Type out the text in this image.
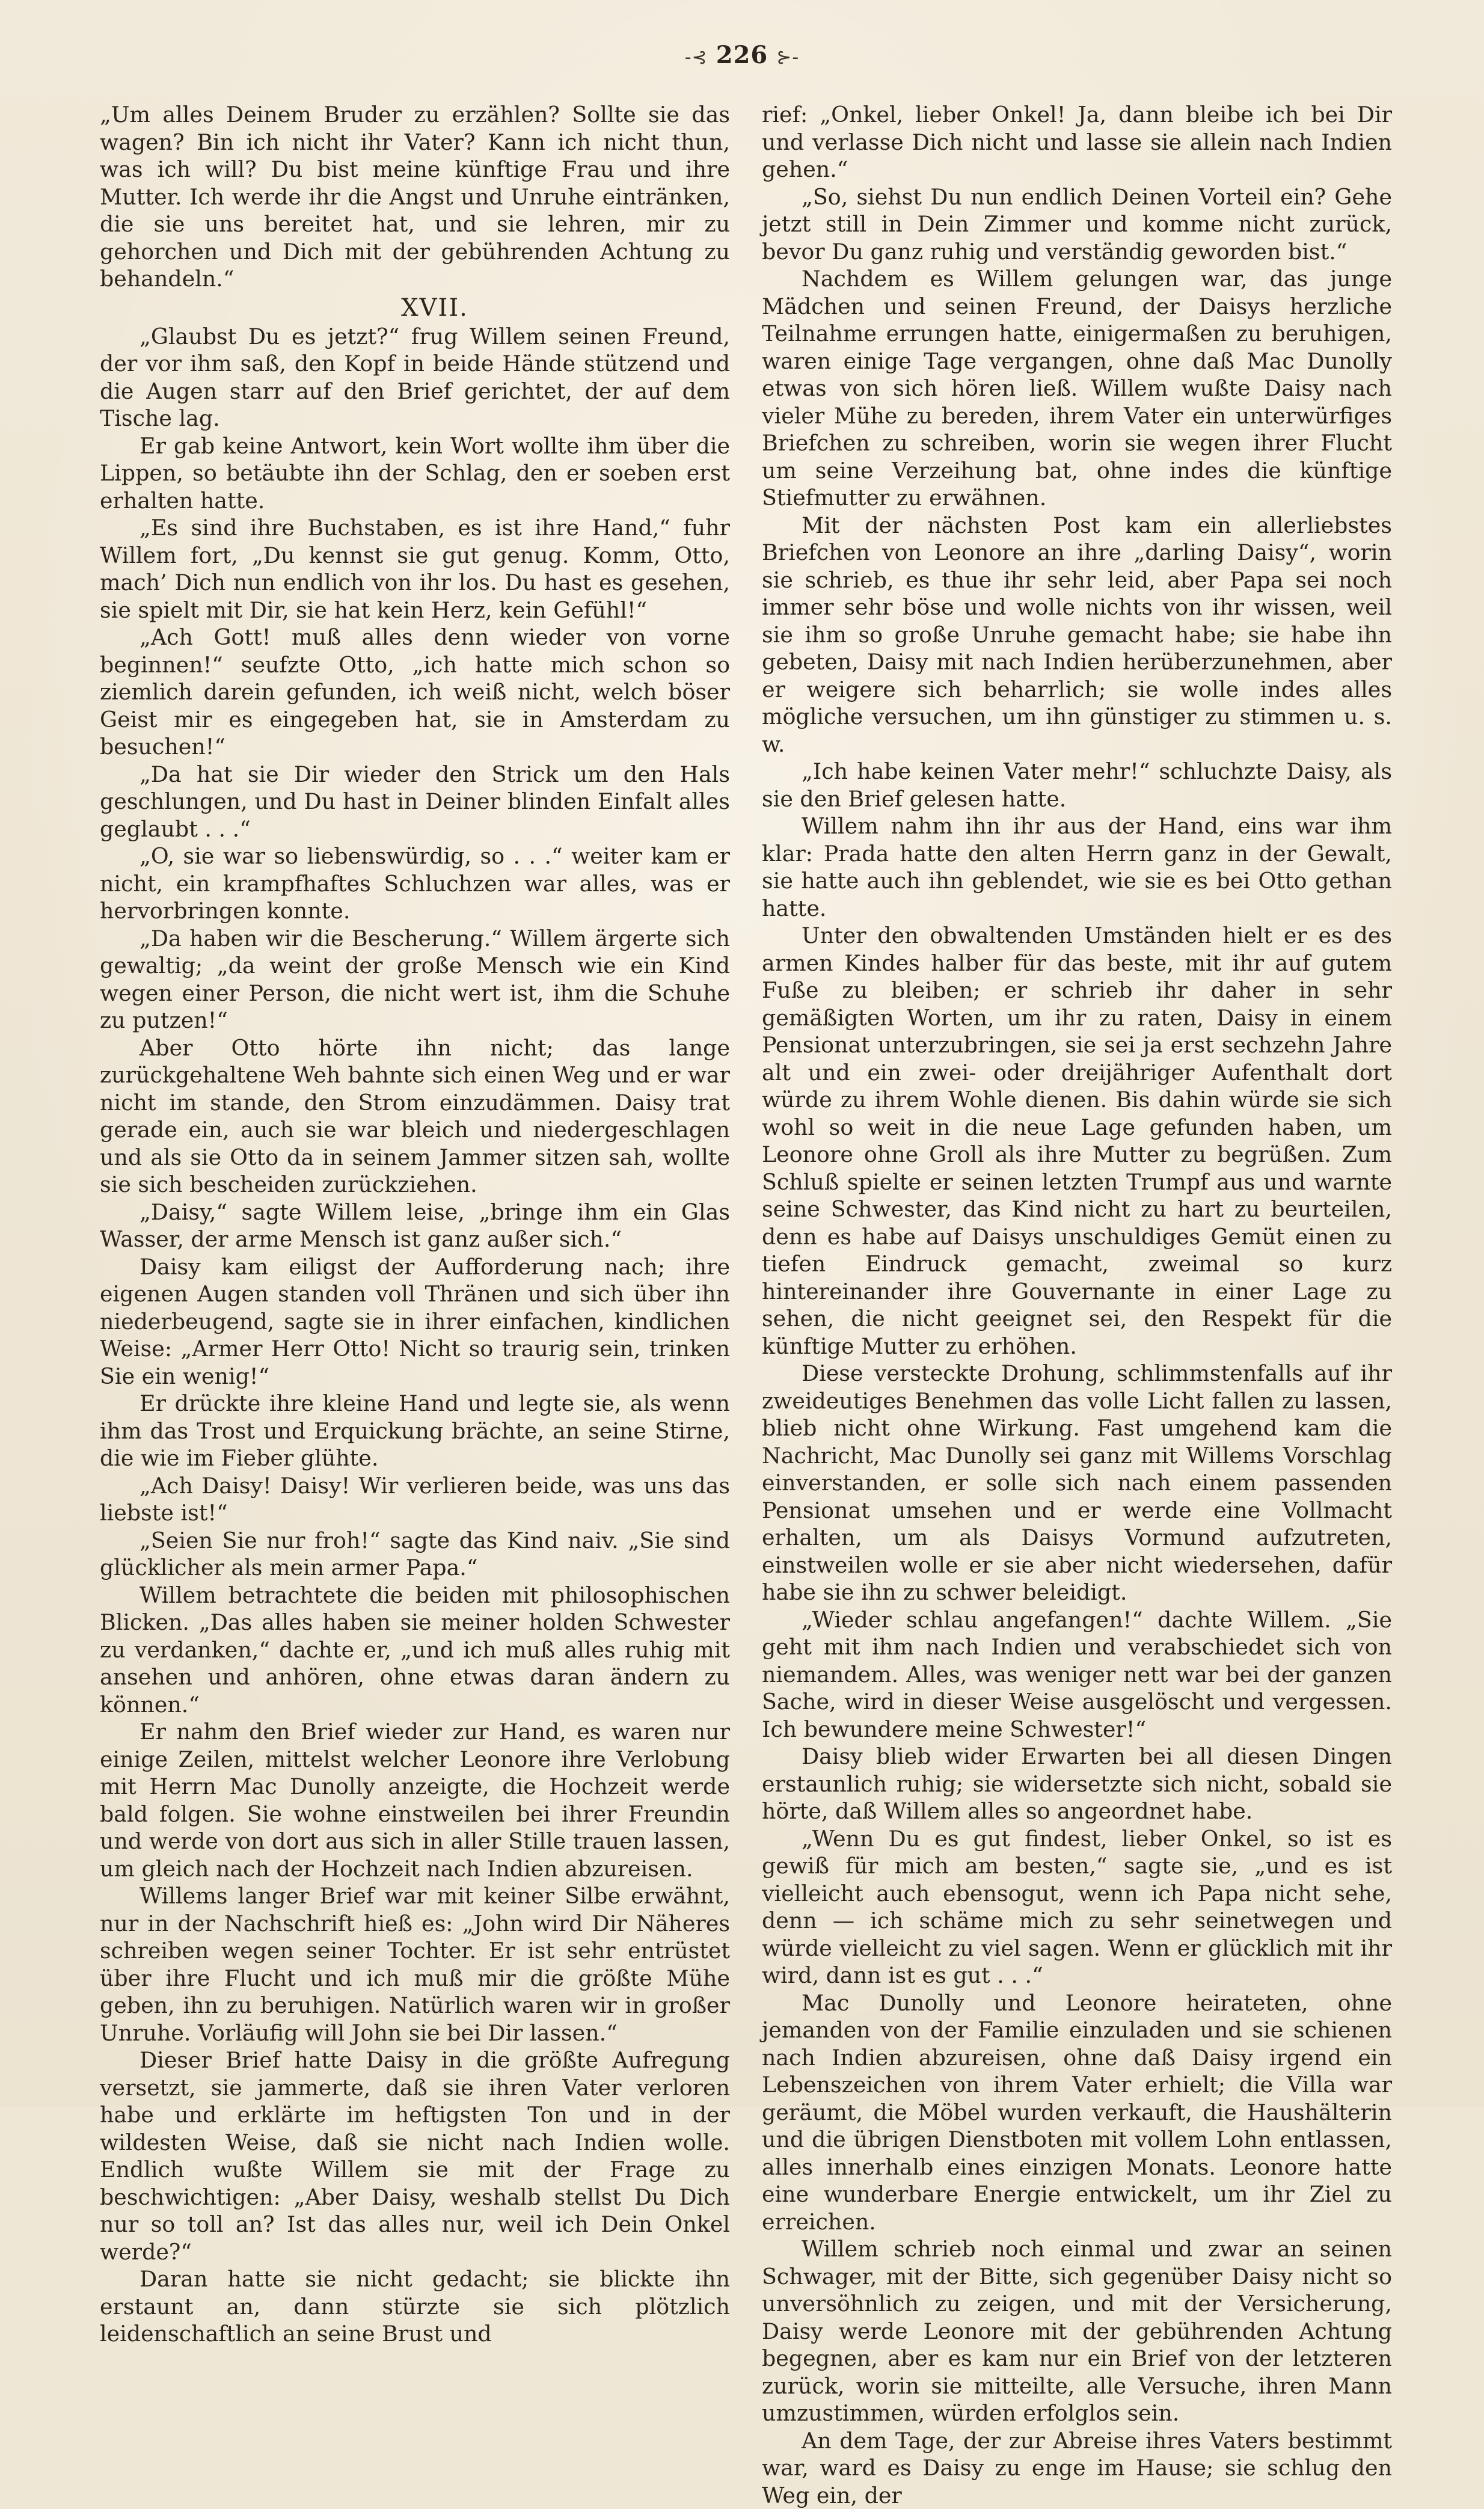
-⊰ 226 ⊱-

„Um alles Deinem Bruder zu erzählen? Sollte sie das wagen? Bin ich nicht ihr Vater? Kann ich nicht thun, was ich will? Du bist meine künftige Frau und ihre Mutter. Ich werde ihr die Angst und Unruhe eintränken, die sie uns bereitet hat, und sie lehren, mir zu gehorchen und Dich mit der gebührenden Achtung zu behandeln.“

XVII.

„Glaubst Du es jetzt?“ frug Willem seinen Freund, der vor ihm saß, den Kopf in beide Hände stützend und die Augen starr auf den Brief gerichtet, der auf dem Tische lag.

Er gab keine Antwort, kein Wort wollte ihm über die Lippen, so betäubte ihn der Schlag, den er soeben erst erhalten hatte.

„Es sind ihre Buchstaben, es ist ihre Hand,“ fuhr Willem fort, „Du kennst sie gut genug. Komm, Otto, mach’ Dich nun endlich von ihr los. Du hast es gesehen, sie spielt mit Dir, sie hat kein Herz, kein Gefühl!“

„Ach Gott! muß alles denn wieder von vorne beginnen!“ seufzte Otto, „ich hatte mich schon so ziemlich darein gefunden, ich weiß nicht, welch böser Geist mir es eingegeben hat, sie in Amsterdam zu besuchen!“

„Da hat sie Dir wieder den Strick um den Hals geschlungen, und Du hast in Deiner blinden Einfalt alles geglaubt . . .“

„O, sie war so liebenswürdig, so . . .“ weiter kam er nicht, ein krampfhaftes Schluchzen war alles, was er hervorbringen konnte.

„Da haben wir die Bescherung.“ Willem ärgerte sich gewaltig; „da weint der große Mensch wie ein Kind wegen einer Person, die nicht wert ist, ihm die Schuhe zu putzen!“

Aber Otto hörte ihn nicht; das lange zurückgehaltene Weh bahnte sich einen Weg und er war nicht im stande, den Strom einzudämmen. Daisy trat gerade ein, auch sie war bleich und niedergeschlagen und als sie Otto da in seinem Jammer sitzen sah, wollte sie sich bescheiden zurückziehen.

„Daisy,“ sagte Willem leise, „bringe ihm ein Glas Wasser, der arme Mensch ist ganz außer sich.“

Daisy kam eiligst der Aufforderung nach; ihre eigenen Augen standen voll Thränen und sich über ihn niederbeugend, sagte sie in ihrer einfachen, kindlichen Weise: „Armer Herr Otto! Nicht so traurig sein, trinken Sie ein wenig!“

Er drückte ihre kleine Hand und legte sie, als wenn ihm das Trost und Erquickung brächte, an seine Stirne, die wie im Fieber glühte.

„Ach Daisy! Daisy! Wir verlieren beide, was uns das liebste ist!“

„Seien Sie nur froh!“ sagte das Kind naiv. „Sie sind glücklicher als mein armer Papa.“

Willem betrachtete die beiden mit philosophischen Blicken. „Das alles haben sie meiner holden Schwester zu verdanken,“ dachte er, „und ich muß alles ruhig mit ansehen und anhören, ohne etwas daran ändern zu können.“

Er nahm den Brief wieder zur Hand, es waren nur einige Zeilen, mittelst welcher Leonore ihre Verlobung mit Herrn Mac Dunolly anzeigte, die Hochzeit werde bald folgen. Sie wohne einstweilen bei ihrer Freundin und werde von dort aus sich in aller Stille trauen lassen, um gleich nach der Hochzeit nach Indien abzureisen.

Willems langer Brief war mit keiner Silbe erwähnt, nur in der Nachschrift hieß es: „John wird Dir Näheres schreiben wegen seiner Tochter. Er ist sehr entrüstet über ihre Flucht und ich muß mir die größte Mühe geben, ihn zu beruhigen. Natürlich waren wir in großer Unruhe. Vorläufig will John sie bei Dir lassen.“

Dieser Brief hatte Daisy in die größte Aufregung versetzt, sie jammerte, daß sie ihren Vater verloren habe und erklärte im heftigsten Ton und in der wildesten Weise, daß sie nicht nach Indien wolle. Endlich wußte Willem sie mit der Frage zu beschwichtigen: „Aber Daisy, weshalb stellst Du Dich nur so toll an? Ist das alles nur, weil ich Dein Onkel werde?“

Daran hatte sie nicht gedacht; sie blickte ihn erstaunt an, dann stürzte sie sich plötzlich leidenschaftlich an seine Brust und

rief: „Onkel, lieber Onkel! Ja, dann bleibe ich bei Dir und verlasse Dich nicht und lasse sie allein nach Indien gehen.“

„So, siehst Du nun endlich Deinen Vorteil ein? Gehe jetzt still in Dein Zimmer und komme nicht zurück, bevor Du ganz ruhig und verständig geworden bist.“

Nachdem es Willem gelungen war, das junge Mädchen und seinen Freund, der Daisys herzliche Teilnahme errungen hatte, einigermaßen zu beruhigen, waren einige Tage vergangen, ohne daß Mac Dunolly etwas von sich hören ließ. Willem wußte Daisy nach vieler Mühe zu bereden, ihrem Vater ein unterwürfiges Briefchen zu schreiben, worin sie wegen ihrer Flucht um seine Verzeihung bat, ohne indes die künftige Stiefmutter zu erwähnen.

Mit der nächsten Post kam ein allerliebstes Briefchen von Leonore an ihre „darling Daisy“, worin sie schrieb, es thue ihr sehr leid, aber Papa sei noch immer sehr böse und wolle nichts von ihr wissen, weil sie ihm so große Unruhe gemacht habe; sie habe ihn gebeten, Daisy mit nach Indien herüberzunehmen, aber er weigere sich beharrlich; sie wolle indes alles mögliche versuchen, um ihn günstiger zu stimmen u. s. w.

„Ich habe keinen Vater mehr!“ schluchzte Daisy, als sie den Brief gelesen hatte.

Willem nahm ihn ihr aus der Hand, eins war ihm klar: Prada hatte den alten Herrn ganz in der Gewalt, sie hatte auch ihn geblendet, wie sie es bei Otto gethan hatte.

Unter den obwaltenden Umständen hielt er es des armen Kindes halber für das beste, mit ihr auf gutem Fuße zu bleiben; er schrieb ihr daher in sehr gemäßigten Worten, um ihr zu raten, Daisy in einem Pensionat unterzubringen, sie sei ja erst sechzehn Jahre alt und ein zwei- oder dreijähriger Aufenthalt dort würde zu ihrem Wohle dienen. Bis dahin würde sie sich wohl so weit in die neue Lage gefunden haben, um Leonore ohne Groll als ihre Mutter zu begrüßen. Zum Schluß spielte er seinen letzten Trumpf aus und warnte seine Schwester, das Kind nicht zu hart zu beurteilen, denn es habe auf Daisys unschuldiges Gemüt einen zu tiefen Eindruck gemacht, zweimal so kurz hintereinander ihre Gouvernante in einer Lage zu sehen, die nicht geeignet sei, den Respekt für die künftige Mutter zu erhöhen.

Diese versteckte Drohung, schlimmstenfalls auf ihr zweideutiges Benehmen das volle Licht fallen zu lassen, blieb nicht ohne Wirkung. Fast umgehend kam die Nachricht, Mac Dunolly sei ganz mit Willems Vorschlag einverstanden, er solle sich nach einem passenden Pensionat umsehen und er werde eine Vollmacht erhalten, um als Daisys Vormund aufzutreten, einstweilen wolle er sie aber nicht wiedersehen, dafür habe sie ihn zu schwer beleidigt.

„Wieder schlau angefangen!“ dachte Willem. „Sie geht mit ihm nach Indien und verabschiedet sich von niemandem. Alles, was weniger nett war bei der ganzen Sache, wird in dieser Weise ausgelöscht und vergessen. Ich bewundere meine Schwester!“

Daisy blieb wider Erwarten bei all diesen Dingen erstaunlich ruhig; sie widersetzte sich nicht, sobald sie hörte, daß Willem alles so angeordnet habe.

„Wenn Du es gut findest, lieber Onkel, so ist es gewiß für mich am besten,“ sagte sie, „und es ist vielleicht auch ebensogut, wenn ich Papa nicht sehe, denn — ich schäme mich zu sehr seinetwegen und würde vielleicht zu viel sagen. Wenn er glücklich mit ihr wird, dann ist es gut . . .“

Mac Dunolly und Leonore heirateten, ohne jemanden von der Familie einzuladen und sie schienen nach Indien abzureisen, ohne daß Daisy irgend ein Lebenszeichen von ihrem Vater erhielt; die Villa war geräumt, die Möbel wurden verkauft, die Haushälterin und die übrigen Dienstboten mit vollem Lohn entlassen, alles innerhalb eines einzigen Monats. Leonore hatte eine wunderbare Energie entwickelt, um ihr Ziel zu erreichen.

Willem schrieb noch einmal und zwar an seinen Schwager, mit der Bitte, sich gegenüber Daisy nicht so unversöhnlich zu zeigen, und mit der Versicherung, Daisy werde Leonore mit der gebührenden Achtung begegnen, aber es kam nur ein Brief von der letzteren zurück, worin sie mitteilte, alle Versuche, ihren Mann umzustimmen, würden erfolglos sein.

An dem Tage, der zur Abreise ihres Vaters bestimmt war, ward es Daisy zu enge im Hause; sie schlug den Weg ein, der
